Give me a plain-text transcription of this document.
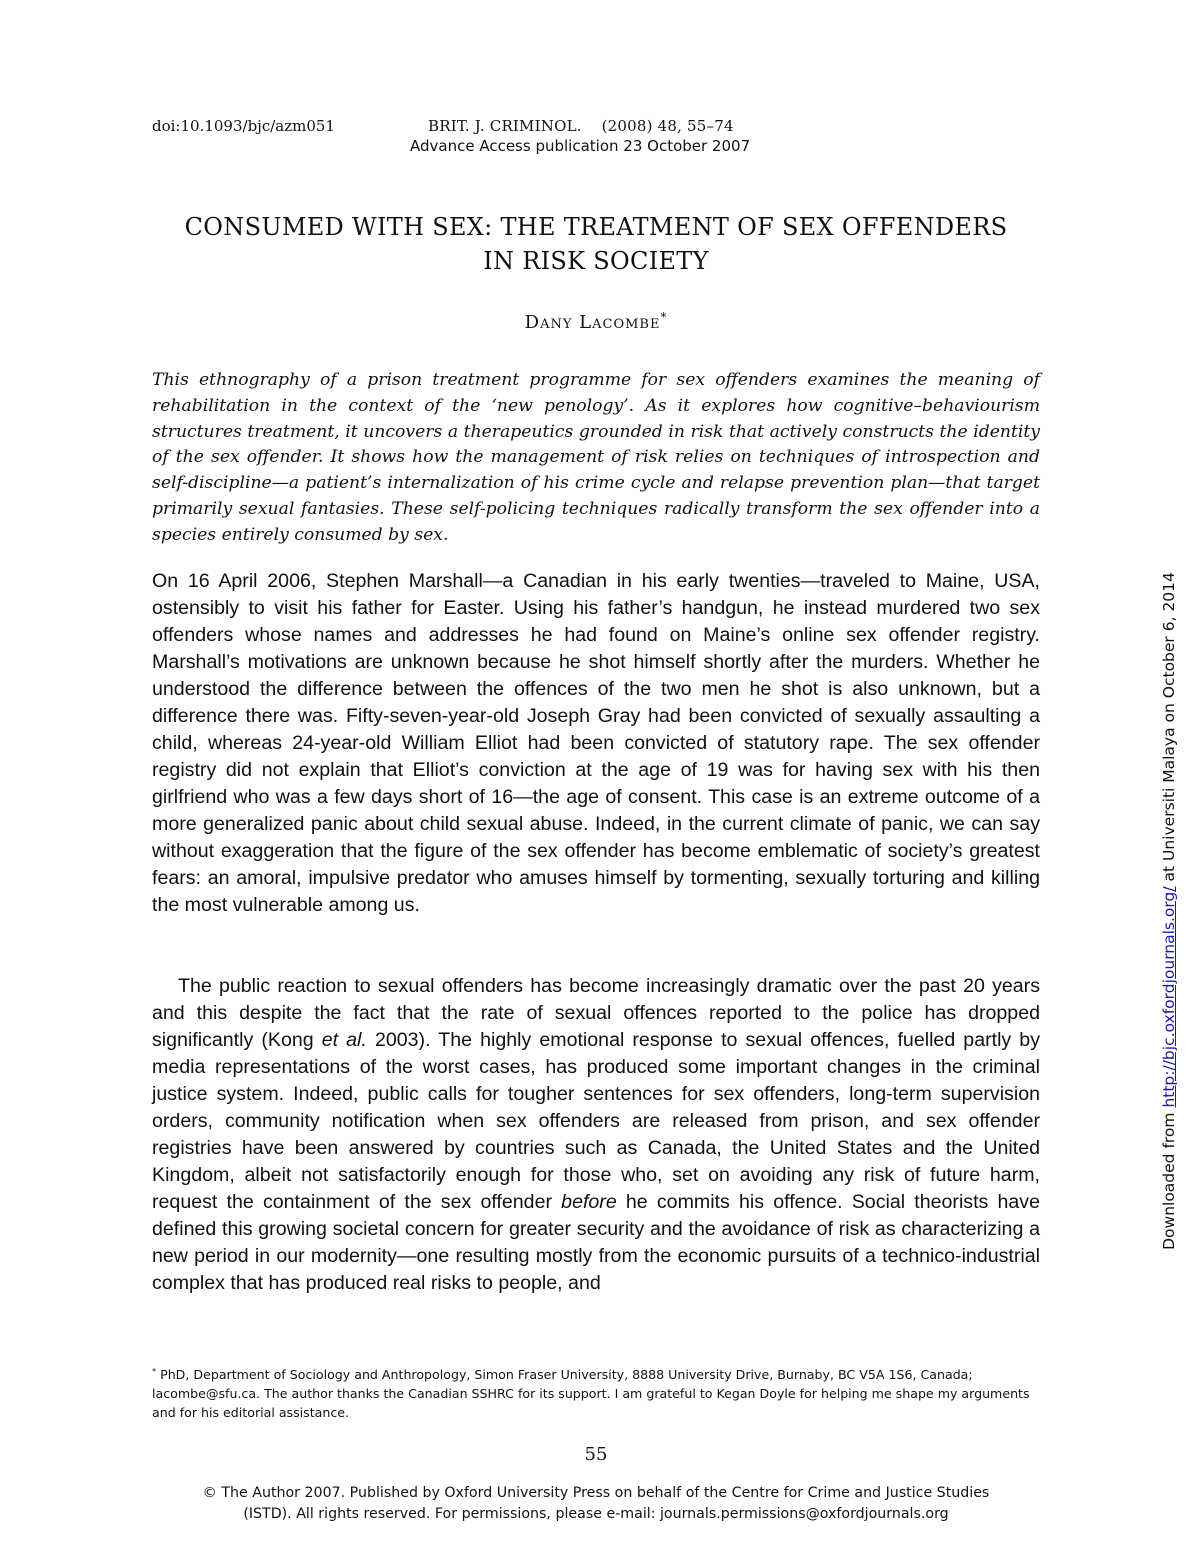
doi:10.1093/bjc/azm051	BRIT. J. CRIMINOL. (2008) 48, 55–74
Advance Access publication 23 October 2007
CONSUMED WITH SEX: THE TREATMENT OF SEX OFFENDERS
IN RISK SOCIETY
Dany Lacombe*
This ethnography of a prison treatment programme for sex offenders examines the meaning of rehabilitation in the context of the ‘new penology’. As it explores how cognitive–behaviourism structures treatment, it uncovers a therapeutics grounded in risk that actively constructs the identity of the sex offender. It shows how the management of risk relies on techniques of introspection and self-discipline—a patient’s internalization of his crime cycle and relapse prevention plan—that target primarily sexual fantasies. These self-policing techniques radically transform the sex offender into a species entirely consumed by sex.

On 16 April 2006, Stephen Marshall—a Canadian in his early twenties—traveled to Maine, USA, ostensibly to visit his father for Easter. Using his father’s handgun, he instead murdered two sex offenders whose names and addresses he had found on Maine’s online sex offender registry. Marshall’s motivations are unknown because he shot himself shortly after the murders. Whether he understood the difference between the offences of the two men he shot is also unknown, but a difference there was. Fifty-seven-year-old Joseph Gray had been convicted of sexually assaulting a child, whereas 24-year-old William Elliot had been convicted of statutory rape. The sex offender registry did not explain that Elliot’s conviction at the age of 19 was for having sex with his then girlfriend who was a few days short of 16—the age of consent. This case is an extreme outcome of a more generalized panic about child sexual abuse. Indeed, in the current climate of panic, we can say without exaggeration that the figure of the sex offender has become emblematic of society’s greatest fears: an amoral, impulsive predator who amuses himself by tormenting, sexually torturing and killing the most vulnerable among us.

The public reaction to sexual offenders has become increasingly dramatic over the past 20 years and this despite the fact that the rate of sexual offences reported to the police has dropped significantly (Kong et al. 2003). The highly emotional response to sexual offences, fuelled partly by media representations of the worst cases, has produced some important changes in the criminal justice system. Indeed, public calls for tougher sentences for sex offenders, long-term supervision orders, community notification when sex offenders are released from prison, and sex offender registries have been answered by countries such as Canada, the United States and the United Kingdom, albeit not satisfactorily enough for those who, set on avoiding any risk of future harm, request the containment of the sex offender before he commits his offence. Social theorists have defined this growing societal concern for greater security and the avoidance of risk as characterizing a new period in our modernity—one resulting mostly from the economic pursuits of a technico-industrial complex that has produced real risks to people, and

* PhD, Department of Sociology and Anthropology, Simon Fraser University, 8888 University Drive, Burnaby, BC V5A 1S6, Canada; lacombe@sfu.ca. The author thanks the Canadian SSHRC for its support. I am grateful to Kegan Doyle for helping me shape my arguments and for his editorial assistance.
55
© The Author 2007. Published by Oxford University Press on behalf of the Centre for Crime and Justice Studies
(ISTD). All rights reserved. For permissions, please e-mail: journals.permissions@oxfordjournals.org
Downloaded from http://bjc.oxfordjournals.org/ at Universiti Malaya on October 6, 2014
